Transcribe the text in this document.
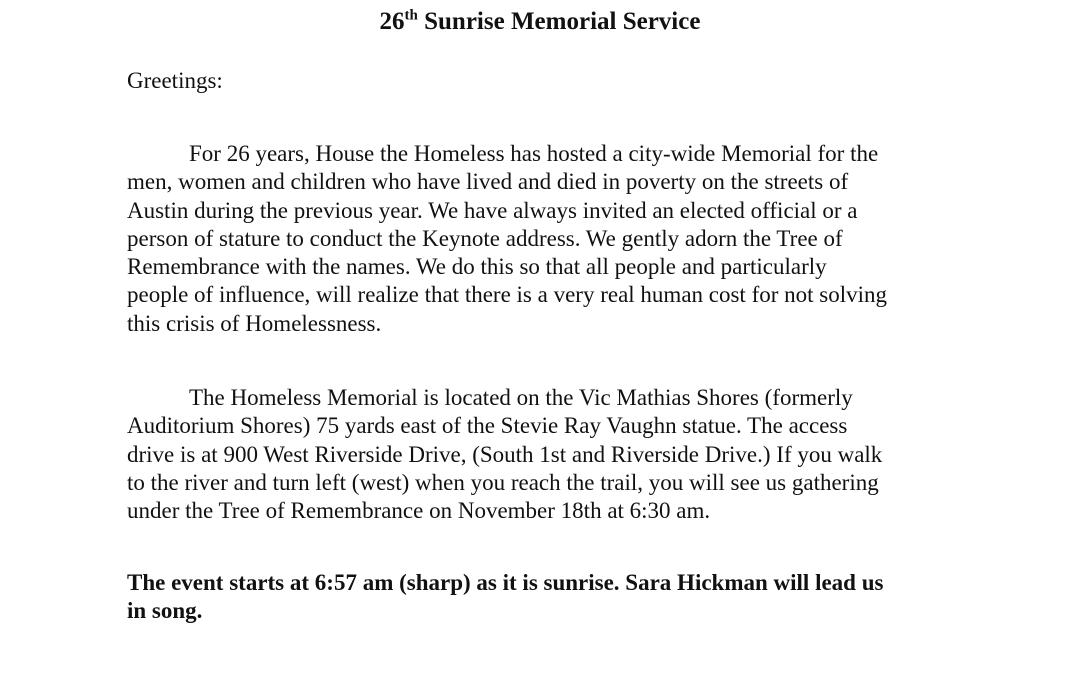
26th Sunrise Memorial Service

Greetings:

For 26 years, House the Homeless has hosted a city-wide Memorial for the
men, women and children who have lived and died in poverty on the streets of
Austin during the previous year. We have always invited an elected official or a
person of stature to conduct the Keynote address. We gently adorn the Tree of
Remembrance with the names. We do this so that all people and particularly
people of influence, will realize that there is a very real human cost for not solving
this crisis of Homelessness.

The Homeless Memorial is located on the Vic Mathias Shores (formerly
Auditorium Shores) 75 yards east of the Stevie Ray Vaughn statue. The access
drive is at 900 West Riverside Drive, (South 1st and Riverside Drive.) If you walk
to the river and turn left (west) when you reach the trail, you will see us gathering
under the Tree of Remembrance on November 18th at 6:30 am.

The event starts at 6:57 am (sharp) as it is sunrise. Sara Hickman will lead us
in song.
